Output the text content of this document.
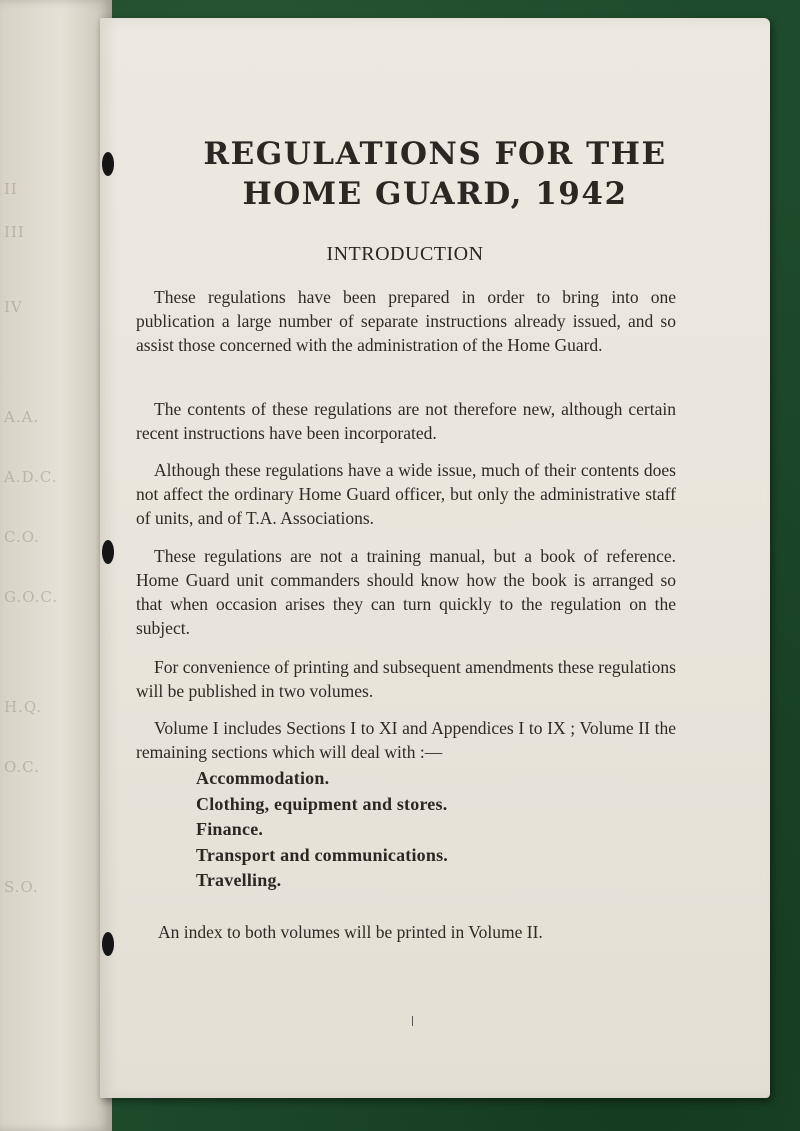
II
III
IV
A.A.
A.D.C.
C.O.
G.O.C.
H.Q.
O.C.
S.O.
REGULATIONS FOR THE
HOME GUARD, 1942
INTRODUCTION

These regulations have been prepared in order to bring into one publication a large number of separate instructions already issued, and so assist those concerned with the administration of the Home Guard.

The contents of these regulations are not therefore new, although certain recent instructions have been incorporated.

Although these regulations have a wide issue, much of their contents does not affect the ordinary Home Guard officer, but only the administrative staff of units, and of T.A. Associations.

These regulations are not a training manual, but a book of reference. Home Guard unit commanders should know how the book is arranged so that when occasion arises they can turn quickly to the regulation on the subject.

For convenience of printing and subsequent amendments these regulations will be published in two volumes.

Volume I includes Sections I to XI and Appendices I to IX ; Volume II the remaining sections which will deal with :—

Accommodation.
Clothing, equipment and stores.
Finance.
Transport and communications.
Travelling.

An index to both volumes will be printed in Volume II.
